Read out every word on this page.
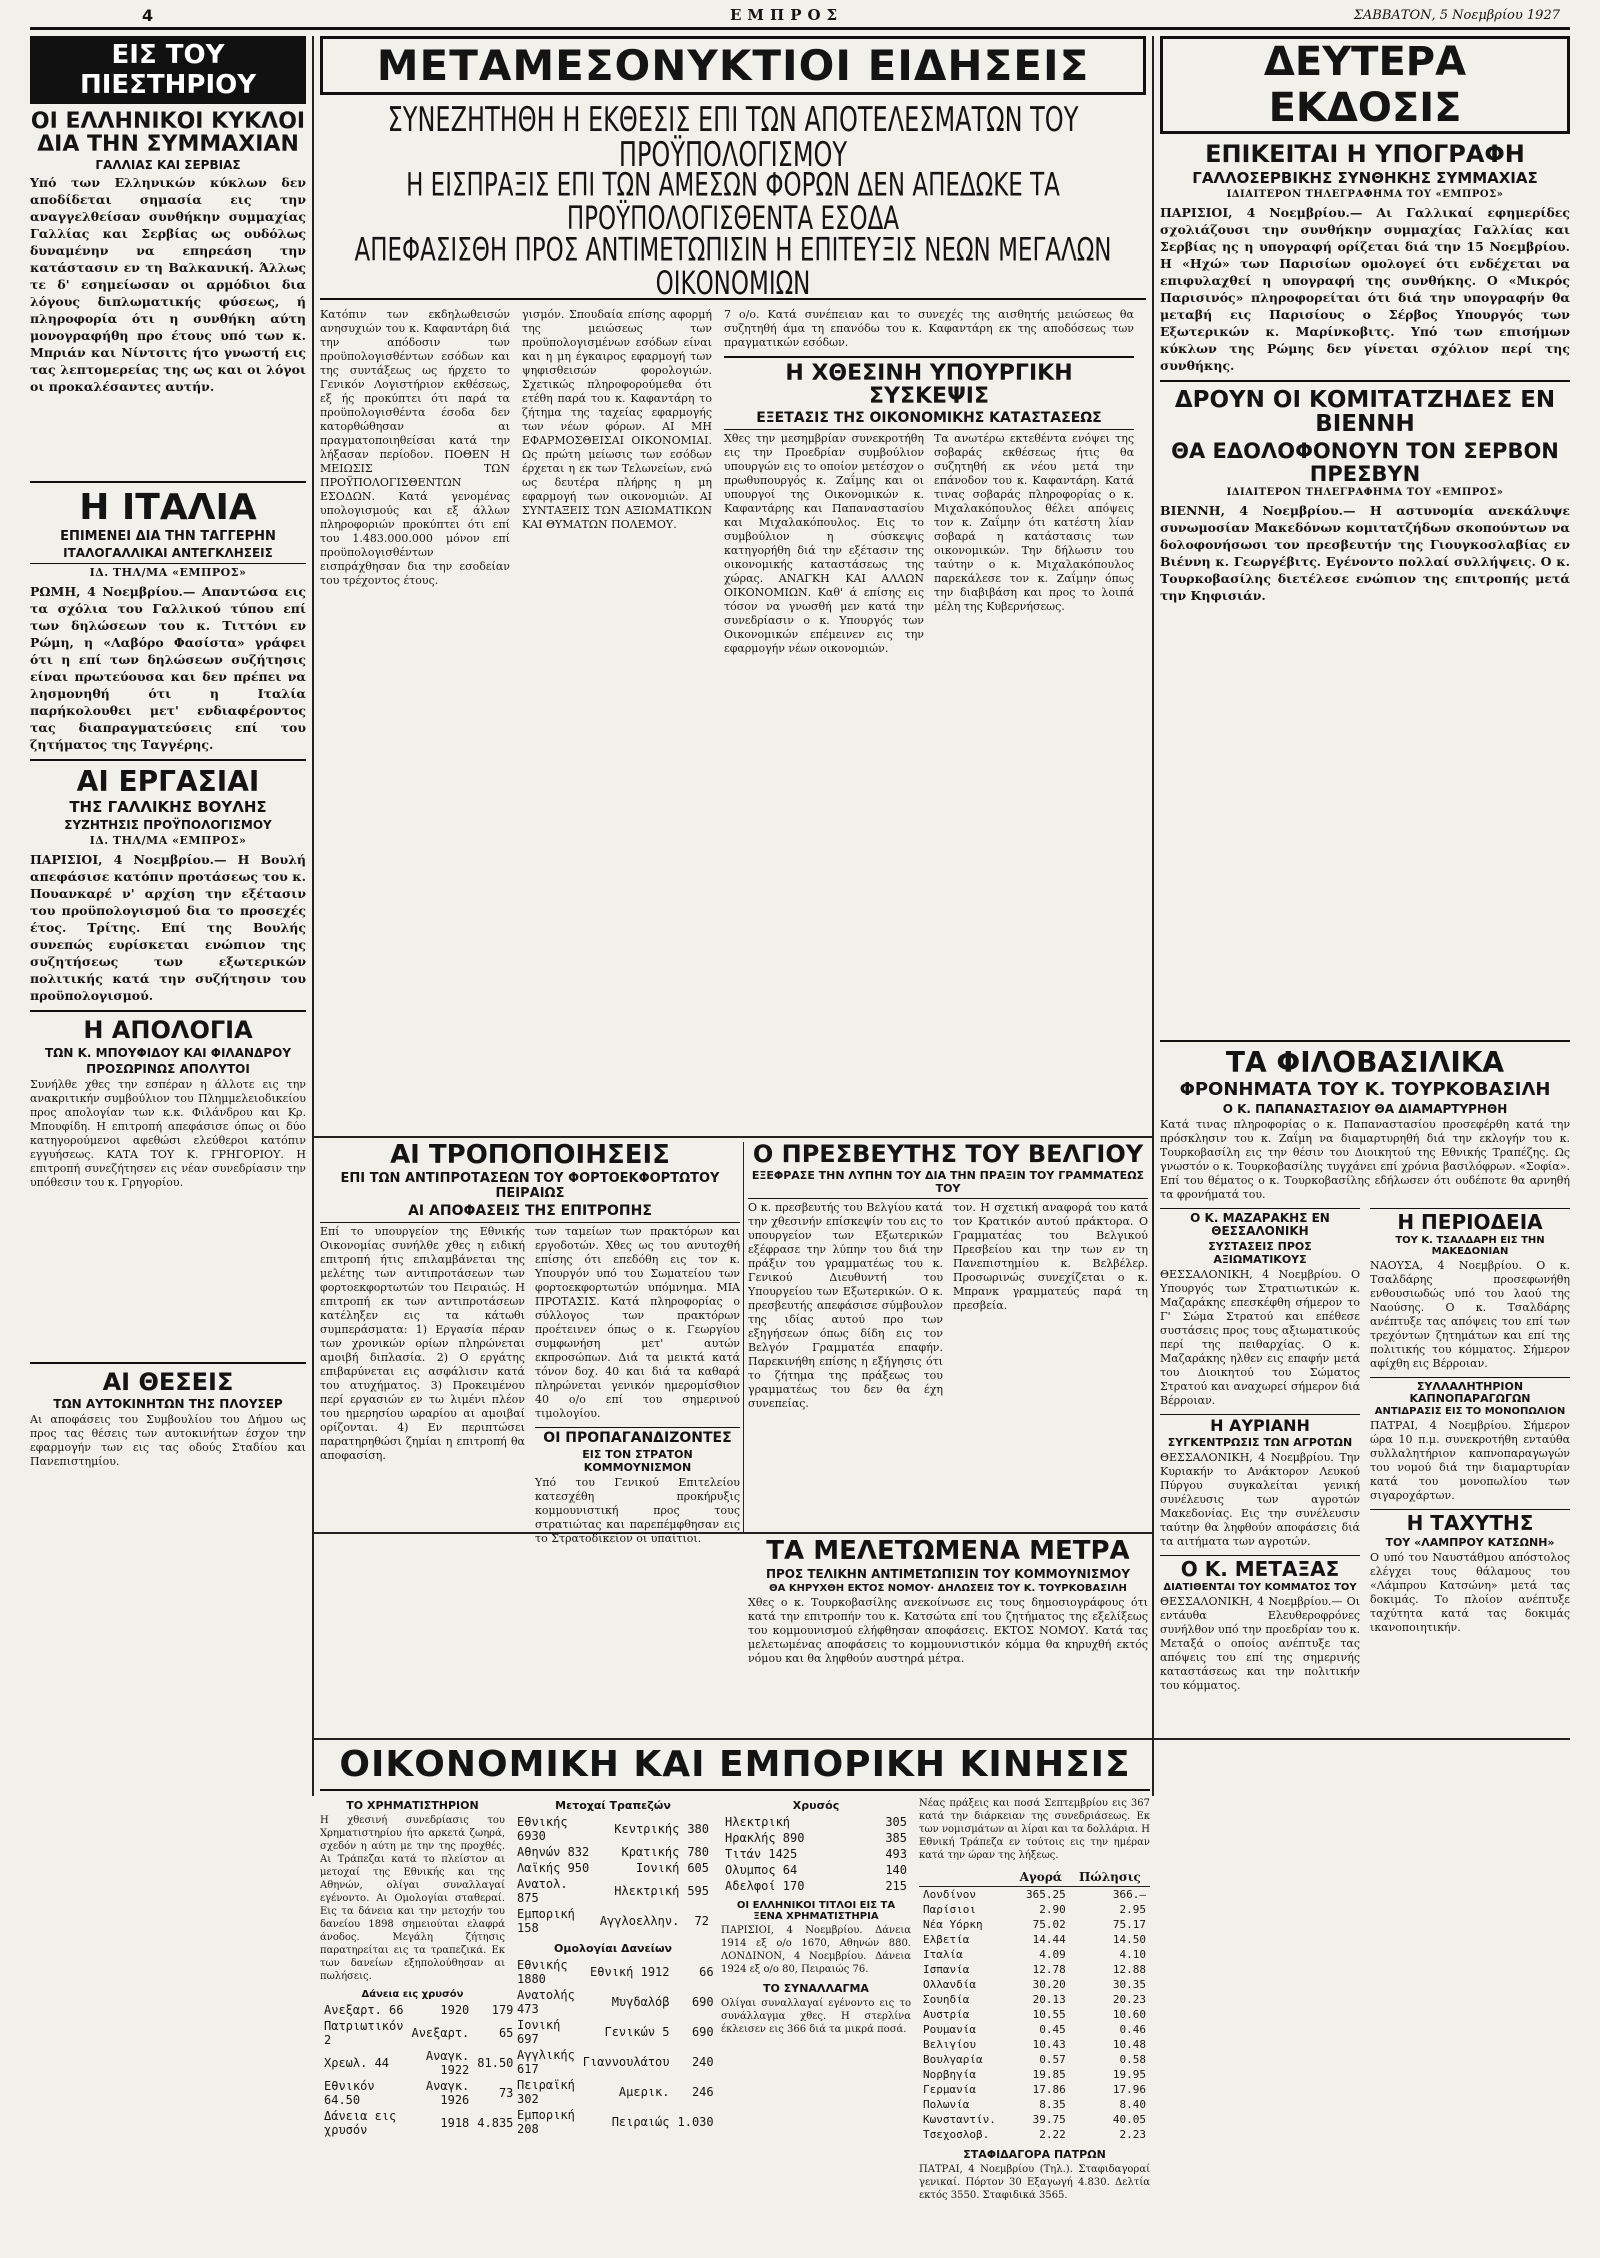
4	ΕΜΠΡΟΣ	ΣΑΒΒΑΤΟΝ, 5 Νοεμβρίου 1927
ΕΙΣ ΤΟΥ ΠΙΕΣΤΗΡΙΟΥ
ΟΙ ΕΛΛΗΝΙΚΟΙ ΚΥΚΛΟΙ ΔΙΑ ΤΗΝ ΣΥΜΜΑΧΙΑΝ

ΓΑΛΛΙΑΣ ΚΑΙ ΣΕΡΒΙΑΣ

Υπό των Ελληνικών κύκλων δεν αποδίδεται σημασία εις την αναγγελθείσαν συνθήκην συμμαχίας Γαλλίας και Σερβίας ως ουδόλως δυναμένην να επηρεάση την κατάστασιν εν τη Βαλκανική. Άλλως τε δ' εσημείωσαν οι αρμόδιοι δια λόγους διπλωματικής φύσεως, ή πληροφορία ότι η συνθήκη αύτη μονογραφήθη προ έτους υπό των κ. Μπριάν και Νίντσιτς ήτο γνωστή εις τας λεπτομερείας της ως και οι λόγοι οι προκαλέσαντες αυτήν.

Η ΙΤΑΛΙΑ

ΕΠΙΜΕΝΕΙ ΔΙΑ ΤΗΝ ΤΑΓΓΕΡΗΝ

ΙΤΑΛΟΓΑΛΛΙΚΑΙ ΑΝΤΕΓΚΛΗΣΕΙΣ

ΙΔ. ΤΗΛ/ΜΑ «ΕΜΠΡΟΣ»

ΡΩΜΗ, 4 Νοεμβρίου.— Απαντώσα εις τα σχόλια του Γαλλικού τύπου επί των δηλώσεων του κ. Τιττόνι εν Ρώμη, η «Λαβόρο Φασίστα» γράφει ότι η επί των δηλώσεων συζήτησις είναι πρωτεύουσα και δεν πρέπει να λησμονηθή ότι η Ιταλία παρήκολουθει μετ' ενδιαφέροντος τας διαπραγματεύσεις επί του ζητήματος της Ταγγέρης.

ΑΙ ΕΡΓΑΣΙΑΙ

ΤΗΣ ΓΑΛΛΙΚΗΣ ΒΟΥΛΗΣ

ΣΥΖΗΤΗΣΙΣ ΠΡΟΫΠΟΛΟΓΙΣΜΟΥ

ΙΔ. ΤΗΛ/ΜΑ «ΕΜΠΡΟΣ»

ΠΑΡΙΣΙΟΙ, 4 Νοεμβρίου.— Η Βουλή απεφάσισε κατόπιν προτάσεως του κ. Πουανκαρέ ν' αρχίση την εξέτασιν του προϋπολογισμού δια το προσεχές έτος. Τρίτης. Επί της Βουλής συνεπώς ευρίσκεται ενώπιον της συζητήσεως των εξωτερικών πολιτικής κατά την συζήτησιν του προϋπολογισμού.

Η ΑΠΟΛΟΓΙΑ

ΤΩΝ Κ. ΜΠΟΥΦΙΔΟΥ ΚΑΙ ΦΙΛΑΝΔΡΟΥ

ΠΡΟΣΩΡΙΝΩΣ ΑΠΟΛΥΤΟΙ

Συνήλθε χθες την εσπέραν η άλλοτε εις την ανακριτικήν συμβούλιον του Πλημμελειοδικείου προς απολογίαν των κ.κ. Φιλάνδρου και Κρ. Μπουφίδη. Η επιτροπή απεφάσισε όπως οι δύο κατηγορούμενοι αφεθώσι ελεύθεροι κατόπιν εγγυήσεως. ΚΑΤΑ ΤΟΥ Κ. ΓΡΗΓΟΡΙΟΥ. Η επιτροπή συνεζήτησεν εις νέαν συνεδρίασιν την υπόθεσιν του κ. Γρηγορίου.

ΑΙ ΘΕΣΕΙΣ

ΤΩΝ ΑΥΤΟΚΙΝΗΤΩΝ ΤΗΣ ΠΛΟΥΣΕΡ

Αι αποφάσεις του Συμβουλίου του Δήμου ως προς τας θέσεις των αυτοκινήτων έσχον την εφαρμογήν των εις τας οδούς Σταδίου και Πανεπιστημίου.

ΜΕΤΑΜΕΣΟΝΥΚΤΙΟΙ ΕΙΔΗΣΕΙΣ
ΣΥΝΕΖΗΤΗΘΗ Η ΕΚΘΕΣΙΣ ΕΠΙ ΤΩΝ ΑΠΟΤΕΛΕΣΜΑΤΩΝ ΤΟΥ ΠΡΟΫΠΟΛΟΓΙΣΜΟΥ
Η ΕΙΣΠΡΑΞΙΣ ΕΠΙ ΤΩΝ ΑΜΕΣΩΝ ΦΟΡΩΝ ΔΕΝ ΑΠΕΔΩΚΕ ΤΑ ΠΡΟΫΠΟΛΟΓΙΣΘΕΝΤΑ ΕΣΟΔΑ
ΑΠΕΦΑΣΙΣΘΗ ΠΡΟΣ ΑΝΤΙΜΕΤΩΠΙΣΙΝ Η ΕΠΙΤΕΥΞΙΣ ΝΕΩΝ ΜΕΓΑΛΩΝ ΟΙΚΟΝΟΜΙΩΝ

Κατόπιν των εκδηλωθεισών ανησυχιών του κ. Καφαντάρη διά την απόδοσιν των προϋπολογισθέντων εσόδων και της συντάξεως ως ήρχετο το Γενικόν Λογιστήριον εκθέσεως, εξ ής προκύπτει ότι παρά τα προϋπολογισθέντα έσοδα δεν κατορθώθησαν αι πραγματοποιηθείσαι κατά την λήξασαν περίοδον. ΠΟΘΕΝ Η ΜΕΙΩΣΙΣ ΤΩΝ ΠΡΟΫΠΟΛΟΓΙΣΘΕΝΤΩΝ ΕΣΟΔΩΝ. Κατά γενομένας υπολογισμούς και εξ άλλων πληροφοριών προκύπτει ότι επί του 1.483.000.000 μόνον επί προϋπολογισθέντων εισπράχθησαν δια την εσοδείαν του τρέχοντος έτους.

γισμόν. Σπουδαία επίσης αφορμή της μειώσεως των προϋπολογισμένων εσόδων είναι και η μη έγκαιρος εφαρμογή των ψηφισθεισών φορολογιών. Σχετικώς πληροφορούμεθα ότι ετέθη παρά του κ. Καφαντάρη το ζήτημα της ταχείας εφαρμογής των νέων φόρων. ΑΙ ΜΗ ΕΦΑΡΜΟΣΘΕΙΣΑΙ ΟΙΚΟΝΟΜΙΑΙ. Ως πρώτη μείωσις των εσόδων έρχεται η εκ των Τελωνείων, ενώ ως δευτέρα πλήρης η μη εφαρμογή των οικονομιών. ΑΙ ΣΥΝΤΑΞΕΙΣ ΤΩΝ ΑΞΙΩΜΑΤΙΚΩΝ ΚΑΙ ΘΥΜΑΤΩΝ ΠΟΛΕΜΟΥ.

7 ο/ο. Κατά συνέπειαν και το συνεχές της αισθητής μειώσεως θα συζητηθή άμα τη επανόδω του κ. Καφαντάρη εκ της αποδόσεως των πραγματικών εσόδων.

Η ΧΘΕΣΙΝΗ ΥΠΟΥΡΓΙΚΗ ΣΥΣΚΕΨΙΣ

ΕΞΕΤΑΣΙΣ ΤΗΣ ΟΙΚΟΝΟΜΙΚΗΣ ΚΑΤΑΣΤΑΣΕΩΣ

Χθες την μεσημβρίαν συνεκροτήθη εις την Προεδρίαν συμβούλιον υπουργών εις το οποίον μετέσχον ο πρωθυπουργός κ. Ζαΐμης και οι υπουργοί της Οικονομικών κ. Καφαντάρης και Παπαναστασίου και Μιχαλακόπουλος. Εις το συμβούλιον η σύσκεψις κατηγορήθη διά την εξέτασιν της οικονομικής καταστάσεως της χώρας. ΑΝΑΓΚΗ ΚΑΙ ΑΛΛΩΝ ΟΙΚΟΝΟΜΙΩΝ. Καθ' ά επίσης εις τόσον να γνωσθή μεν κατά την συνεδρίασιν ο κ. Υπουργός των Οικονομικών επέμεινεν εις την εφαρμογήν νέων οικονομιών.

Τα ανωτέρω εκτεθέντα ενόψει της σοβαράς εκθέσεως ήτις θα συζητηθή εκ νέου μετά την επάνοδον του κ. Καφαντάρη. Κατά τινας σοβαράς πληροφορίας ο κ. Μιχαλακόπουλος θέλει απόψεις τον κ. Ζαΐμην ότι κατέστη λίαν σοβαρά η κατάστασις των οικονομικών. Την δήλωσιν του ταύτην ο κ. Μιχαλακόπουλος παρεκάλεσε τον κ. Ζαΐμην όπως την διαβιβάση και προς το λοιπά μέλη της Κυβερνήσεως.

ΔΕΥΤΕΡΑ ΕΚΔΟΣΙΣ
ΕΠΙΚΕΙΤΑΙ Η ΥΠΟΓΡΑΦΗ

ΓΑΛΛΟΣΕΡΒΙΚΗΣ ΣΥΝΘΗΚΗΣ ΣΥΜΜΑΧΙΑΣ

ΙΔΙΑΙΤΕΡΟΝ ΤΗΛΕΓΡΑΦΗΜΑ ΤΟΥ «ΕΜΠΡΟΣ»

ΠΑΡΙΣΙΟΙ, 4 Νοεμβρίου.— Αι Γαλλικαί εφημερίδες σχολιάζουσι την συνθήκην συμμαχίας Γαλλίας και Σερβίας ης η υπογραφή ορίζεται διά την 15 Νοεμβρίου. Η «Ηχώ» των Παρισίων ομολογεί ότι ενδέχεται να επιφυλαχθεί η υπογραφή της συνθήκης. Ο «Μικρός Παρισινός» πληροφορείται ότι διά την υπογραφήν θα μεταβή εις Παρισίους ο Σέρβος Υπουργός των Εξωτερικών κ. Μαρίνκοβιτς. Υπό των επισήμων κύκλων της Ρώμης δεν γίνεται σχόλιον περί της συνθήκης.

ΔΡΟΥΝ ΟΙ ΚΟΜΙΤΑΤΖΗΔΕΣ ΕΝ ΒΙΕΝΝΗ
ΘΑ ΕΔΟΛΟΦΟΝΟΥΝ ΤΟΝ ΣΕΡΒΟΝ ΠΡΕΣΒΥΝ

ΙΔΙΑΙΤΕΡΟΝ ΤΗΛΕΓΡΑΦΗΜΑ ΤΟΥ «ΕΜΠΡΟΣ»

ΒΙΕΝΝΗ, 4 Νοεμβρίου.— Η αστυνομία ανεκάλυψε συνωμοσίαν Μακεδόνων κομιτατζήδων σκοπούντων να δολοφονήσωσι τον πρεσβευτήν της Γιουγκοσλαβίας εν Βιέννη κ. Γεωργέβιτς. Εγένοντο πολλαί συλλήψεις. Ο κ. Τουρκοβασίλης διετέλεσε ενώπιον της επιτροπής μετά την Κηφισιάν.

ΑΙ ΤΡΟΠΟΠΟΙΗΣΕΙΣ

ΕΠΙ ΤΩΝ ΑΝΤΙΠΡΟΤΑΣΕΩΝ ΤΟΥ ΦΟΡΤΟΕΚΦΟΡΤΩΤΟΥ ΠΕΙΡΑΙΩΣ

ΑΙ ΑΠΟΦΑΣΕΙΣ ΤΗΣ ΕΠΙΤΡΟΠΗΣ

Επί το υπουργείον της Εθνικής Οικονομίας συνήλθε χθες η ειδική επιτροπή ήτις επιλαμβάνεται της μελέτης των αντιπροτάσεων των φορτοεκφορτωτών του Πειραιώς. Η επιτροπή εκ των αντιπροτάσεων κατέληξεν εις τα κάτωθι συμπεράσματα: 1) Εργασία πέραν των χρονικών ορίων πληρώνεται αμοιβή διπλασία. 2) Ο εργάτης επιβαρύνεται εις ασφάλισιν κατά του ατυχήματος. 3) Προκειμένου περί εργασιών εν τω λιμένι πλέον του ημερησίου ωραρίου αι αμοιβαί ορίζονται. 4) Εν περιπτώσει παρατηρηθώσι ζημίαι η επιτροπή θα αποφασίση.

των ταμείων των πρακτόρων και εργοδοτών. Χθες ως του ανυτοχθή επίσης ότι επεδόθη εις τον κ. Υπουργόν υπό του Σωματείου των φορτοεκφορτωτών υπόμνημα. ΜΙΑ ΠΡΟΤΑΣΙΣ. Κατά πληροφορίας ο σύλλογος των πρακτόρων προέτεινεν όπως ο κ. Γεωργίου συμφωνήση μετ' αυτών εκπροσώπων. Διά τα μεικτά κατά τόνον δοχ. 40 και διά τα καθαρά πληρώνεται γενικόν ημερομίσθιον 40 ο/ο επί του σημερινού τιμολογίου.

ΟΙ ΠΡΟΠΑΓΑΝΔΙΖΟΝΤΕΣ

ΕΙΣ ΤΟΝ ΣΤΡΑΤΟΝ ΚΟΜΜΟΥΝΙΣΜΟΝ

Υπό του Γενικού Επιτελείου κατεσχέθη προκήρυξις κομμουνιστική προς τους στρατιώτας και παρεπέμφθησαν εις το Στρατοδικείον οι υπαίτιοι.

Ο ΠΡΕΣΒΕΥΤΗΣ ΤΟΥ ΒΕΛΓΙΟΥ

ΕΞΕΦΡΑΣΕ ΤΗΝ ΛΥΠΗΝ ΤΟΥ ΔΙΑ ΤΗΝ ΠΡΑΞΙΝ ΤΟΥ ΓΡΑΜΜΑΤΕΩΣ ΤΟΥ

Ο κ. πρεσβευτής του Βελγίου κατά την χθεσινήν επίσκεψίν του εις το υπουργείον των Εξωτερικών εξέφρασε την λύπην του διά την πράξιν του γραμματέως του κ. Γενικού Διευθυντή του Υπουργείου των Εξωτερικών. Ο κ. πρεσβευτής απεφάσισε σύμβουλον της ιδίας αυτού προ των εξηγήσεων όπως δίδη εις τον Βελγόν Γραμματέα επαφήν. Παρεκινήθη επίσης η εξήγησις ότι το ζήτημα της πράξεως του γραμματέως του δεν θα έχη συνεπείας.

τον. Η σχετική αναφορά του κατά τον Κρατικόν αυτού πράκτορα. Ο Γραμματέας του Βελγικού Πρεσβείου και την των εν τη Πανεπιστημίου κ. Βελβέλερ. Προσωρινώς συνεχίζεται ο κ. Μπρανκ γραμματεύς παρά τη πρεσβεία.

ΤΑ ΜΕΛΕΤΩΜΕΝΑ ΜΕΤΡΑ

ΠΡΟΣ ΤΕΛΙΚΗΝ ΑΝΤΙΜΕΤΩΠΙΣΙΝ ΤΟΥ ΚΟΜΜΟΥΝΙΣΜΟΥ

ΘΑ ΚΗΡΥΧΘΗ ΕΚΤΟΣ ΝΟΜΟΥ· ΔΗΛΩΣΕΙΣ ΤΟΥ Κ. ΤΟΥΡΚΟΒΑΣΙΛΗ

Χθες ο κ. Τουρκοβασίλης ανεκοίνωσε εις τους δημοσιογράφους ότι κατά την επιτροπήν του κ. Κατσώτα επί του ζητήματος της εξελίξεως του κομμουνισμού ελήφθησαν αποφάσεις. ΕΚΤΟΣ ΝΟΜΟΥ. Κατά τας μελετωμένας αποφάσεις το κομμουνιστικόν κόμμα θα κηρυχθή εκτός νόμου και θα ληφθούν αυστηρά μέτρα.

ΤΑ ΦΙΛΟΒΑΣΙΛΙΚΑ

ΦΡΟΝΗΜΑΤΑ ΤΟΥ Κ. ΤΟΥΡΚΟΒΑΣΙΛΗ

Ο Κ. ΠΑΠΑΝΑΣΤΑΣΙΟΥ ΘΑ ΔΙΑΜΑΡΤΥΡΗΘΗ

Κατά τινας πληροφορίας ο κ. Παπαναστασίου προσεφέρθη κατά την πρόσκλησιν του κ. Ζαΐμη να διαμαρτυρηθή διά την εκλογήν του κ. Τουρκοβασίλη εις την θέσιν του Διοικητού της Εθνικής Τραπέζης. Ως γνωστόν ο κ. Τουρκοβασίλης τυγχάνει επί χρόνια βασιλόφρων. «Σοφία». Επί του θέματος ο κ. Τουρκοβασίλης εδήλωσεν ότι ουδέποτε θα αρνηθή τα φρονήματά του.

Ο Κ. ΜΑΖΑΡΑΚΗΣ ΕΝ ΘΕΣΣΑΛΟΝΙΚΗ

ΣΥΣΤΑΣΕΙΣ ΠΡΟΣ ΑΞΙΩΜΑΤΙΚΟΥΣ

ΘΕΣΣΑΛΟΝΙΚΗ, 4 Νοεμβρίου. Ο Υπουργός των Στρατιωτικών κ. Μαζαράκης επεσκέφθη σήμερον το Γ' Σώμα Στρατού και επέθεσε συστάσεις προς τους αξιωματικούς περί της πειθαρχίας. Ο κ. Μαζαράκης ηλθεν εις επαφήν μετά του Διοικητού του Σώματος Στρατού και αναχωρεί σήμερον διά Βέρροιαν.

Η ΑΥΡΙΑΝΗ

ΣΥΓΚΕΝΤΡΩΣΙΣ ΤΩΝ ΑΓΡΟΤΩΝ

ΘΕΣΣΑΛΟΝΙΚΗ, 4 Νοεμβρίου. Την Κυριακήν το Ανάκτορον Λευκού Πύργου συγκαλείται γενική συνέλευσις των αγροτών Μακεδονίας. Εις την συνέλευσιν ταύτην θα ληφθούν αποφάσεις διά τα αιτήματα των αγροτών.

Ο Κ. ΜΕΤΑΞΑΣ

ΔΙΑΤΙΘΕΝΤΑΙ ΤΟΥ ΚΟΜΜΑΤΟΣ ΤΟΥ

ΘΕΣΣΑΛΟΝΙΚΗ, 4 Νοεμβρίου.— Οι εντάυθα Ελευθεροφρόνες συνήλθον υπό την προεδρίαν του κ. Μεταξά ο οποίος ανέπτυξε τας απόψεις του επί της σημερινής καταστάσεως και την πολιτικήν του κόμματος.

Η ΠΕΡΙΟΔΕΙΑ

ΤΟΥ Κ. ΤΣΑΛΔΑΡΗ ΕΙΣ ΤΗΝ ΜΑΚΕΔΟΝΙΑΝ

ΝΑΟΥΣΑ, 4 Νοεμβρίου. Ο κ. Τσαλδάρης προσεφωνήθη ενθουσιωδώς υπό του λαού της Ναούσης. Ο κ. Τσαλδάρης ανέπτυξε τας απόψεις του επί των τρεχόντων ζητημάτων και επί της πολιτικής του κόμματος. Σήμερον αφίχθη εις Βέρροιαν.

ΣΥΛΛΑΛΗΤΗΡΙΟΝ ΚΑΠΝΟΠΑΡΑΓΩΓΩΝ

ΑΝΤΙΔΡΑΣΙΣ ΕΙΣ ΤΟ ΜΟΝΟΠΩΛΙΟΝ

ΠΑΤΡΑΙ, 4 Νοεμβρίου. Σήμερον ώρα 10 π.μ. συνεκροτήθη ενταύθα συλλαλητήριον καπνοπαραγωγών του νομού διά την διαμαρτυρίαν κατά του μονοπωλίου των σιγαροχάρτων.

Η ΤΑΧΥΤΗΣ

ΤΟΥ «ΛΑΜΠΡΟΥ ΚΑΤΣΩΝΗ»

Ο υπό του Ναυστάθμου απόστολος ελέγχει τους θάλαμους του «Λάμπρου Κατσώνη» μετά τας δοκιμάς. Το πλοίον ανέπτυξε ταχύτητα κατά τας δοκιμάς ικανοποιητικήν.

ΟΙΚΟΝΟΜΙΚΗ ΚΑΙ ΕΜΠΟΡΙΚΗ ΚΙΝΗΣΙΣ

ΤΟ ΧΡΗΜΑΤΙΣΤΗΡΙΟΝ

Η χθεσινή συνεδρίασις του Χρηματιστηρίου ήτο αρκετά ζωηρά, σχεδόν η αύτη με την της προχθές. Αι Τράπεζαι κατά το πλείστον αι μετοχαί της Εθνικής και της Αθηνών, ολίγαι συναλλαγαί εγένοντο. Αι Ομολογίαι σταθεραί. Εις τα δάνεια και την μετοχήν του δανείου 1898 σημειούται ελαφρά άνοδος. Μεγάλη ζήτησις παρατηρείται εις τα τραπεζικά. Εκ των δανείων εξηπολούθησαν αι πωλήσεις.

Δάνεια εις χρυσόν

Ανεξαρτ. 66	1920	179
Πατριωτικόν 2	Ανεξαρτ.	65
Χρεωλ. 44	Αναγκ. 1922	81.50
Εθνικόν 64.50	Αναγκ. 1926	73
Δάνεια εις χρυσόν	1918	4.835

Μετοχαί Τραπεζών

Εθνικής 6930	Κεντρικής	380
Αθηνών 832	Κρατικής	780
Λαϊκής 950	Ιονική	605
Ανατολ. 875	Ηλεκτρική	595
Εμπορική 158	Αγγλοελλην.	72

Ομολογίαι Δανείων

Εθνικής 1880	Εθνική 1912	66
Ανατολής 473	Μυγδαλόβ	690
Ιονική 697	Γενικών 5	690
Αγγλικής 617	Γιαννουλάτου	240
Πειραϊκή 302	Αμερικ.	246
Εμπορική 208	Πειραιώς	1.030

Χρυσός

Ηλεκτρική	305
Ηρακλής 890	385
Τιτάν 1425	493
Ολυμπος 64	140
Αδελφοί 170	215

ΟΙ ΕΛΛΗΝΙΚΟΙ ΤΙΤΛΟΙ ΕΙΣ ΤΑ ΞΕΝΑ ΧΡΗΜΑΤΙΣΤΗΡΙΑ

ΠΑΡΙΣΙΟΙ, 4 Νοεμβρίου. Δάνεια 1914 εξ ο/ο 1670, Αθηνών 880. ΛΟΝΔΙΝΟΝ, 4 Νοεμβρίου. Δάνεια 1924 εξ ο/ο 80, Πειραιώς 76.

ΤΟ ΣΥΝΑΛΛΑΓΜΑ

Ολίγαι συναλλαγαί εγένοντο εις το συνάλλαγμα χθες. Η στερλίνα έκλεισεν εις 366 διά τα μικρά ποσά.

Νέας πράξεις και ποσά Σεπτεμβρίου εις 367 κατά την διάρκειαν της συνεδριάσεως. Εκ των νομισμάτων αι λίραι και τα δολλάρια. Η Εθνική Τράπεζα εν τούτοις εις την ημέραν κατά την ώραν της λήξεως.

	Αγορά	Πώλησις
Λονδίνον	365.25	366.—
Παρίσιοι	2.90	2.95
Νέα Υόρκη	75.02	75.17
Ελβετία	14.44	14.50
Ιταλία	4.09	4.10
Ισπανία	12.78	12.88
Ολλανδία	30.20	30.35
Σουηδία	20.13	20.23
Αυστρία	10.55	10.60
Ρουμανία	0.45	0.46
Βελιγίου	10.43	10.48
Βουλγαρία	0.57	0.58
Νορβηγία	19.85	19.95
Γερμανία	17.86	17.96
Πολωνία	8.35	8.40
Κωνσταντίν.	39.75	40.05
Τσεχοσλοβ.	2.22	2.23

ΣΤΑΦΙΔΑΓΟΡΑ ΠΑΤΡΩΝ

ΠΑΤΡΑΙ, 4 Νοεμβρίου (Τηλ.). Σταφιδαγοραί γενικαί. Πόρτον 30 Εξαγωγή 4.830. Δελτία εκτός 3550. Σταφιδικά 3565.
